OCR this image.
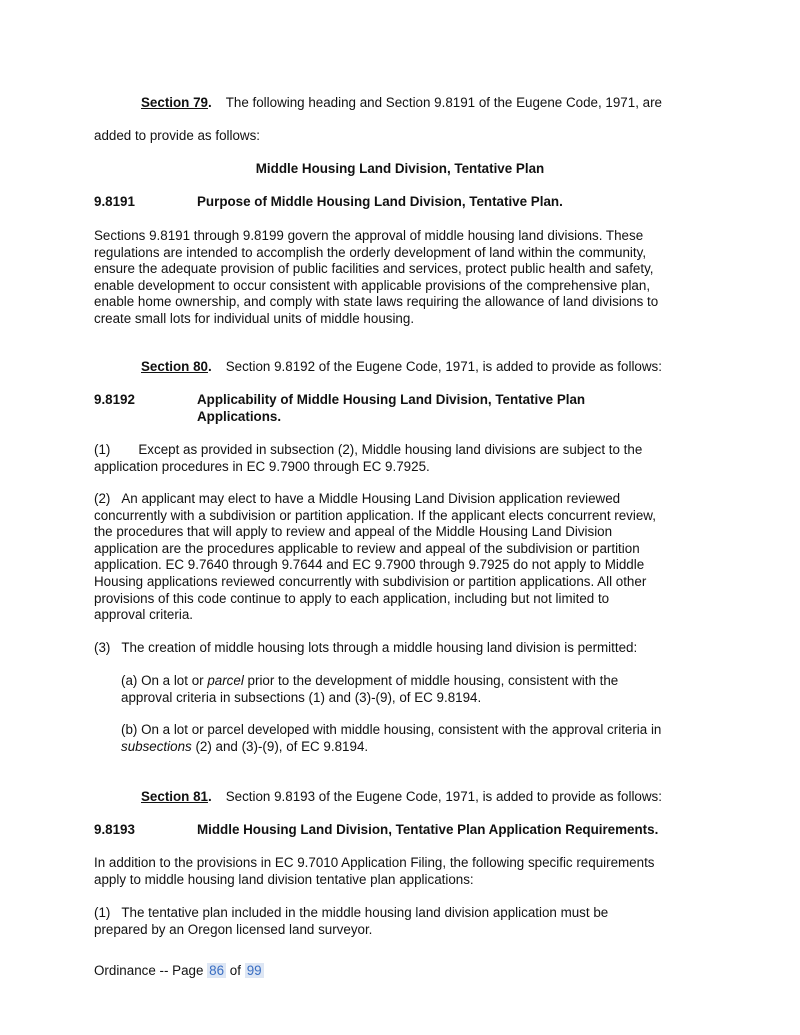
Section 79. The following heading and Section 9.8191 of the Eugene Code, 1971, are
added to provide as follows:
Middle Housing Land Division, Tentative Plan
9.8191	Purpose of Middle Housing Land Division, Tentative Plan.
Sections 9.8191 through 9.8199 govern the approval of middle housing land divisions. These
regulations are intended to accomplish the orderly development of land within the community,
ensure the adequate provision of public facilities and services, protect public health and safety,
enable development to occur consistent with applicable provisions of the comprehensive plan,
enable home ownership, and comply with state laws requiring the allowance of land divisions to
create small lots for individual units of middle housing.
Section 80. Section 9.8192 of the Eugene Code, 1971, is added to provide as follows:
9.8192	Applicability of Middle Housing Land Division, Tentative Plan
Applications.
(1) Except as provided in subsection (2), Middle housing land divisions are subject to the
application procedures in EC 9.7900 through EC 9.7925.
(2) An applicant may elect to have a Middle Housing Land Division application reviewed
concurrently with a subdivision or partition application. If the applicant elects concurrent review,
the procedures that will apply to review and appeal of the Middle Housing Land Division
application are the procedures applicable to review and appeal of the subdivision or partition
application. EC 9.7640 through 9.7644 and EC 9.7900 through 9.7925 do not apply to Middle
Housing applications reviewed concurrently with subdivision or partition applications. All other
provisions of this code continue to apply to each application, including but not limited to
approval criteria.
(3) The creation of middle housing lots through a middle housing land division is permitted:
(a) On a lot or parcel prior to the development of middle housing, consistent with the
approval criteria in subsections (1) and (3)-(9), of EC 9.8194.
(b) On a lot or parcel developed with middle housing, consistent with the approval criteria in
subsections (2) and (3)-(9), of EC 9.8194.
Section 81. Section 9.8193 of the Eugene Code, 1971, is added to provide as follows:
9.8193	Middle Housing Land Division, Tentative Plan Application Requirements.
In addition to the provisions in EC 9.7010 Application Filing, the following specific requirements
apply to middle housing land division tentative plan applications:
(1) The tentative plan included in the middle housing land division application must be
prepared by an Oregon licensed land surveyor.
Ordinance -- Page 86 of 99
